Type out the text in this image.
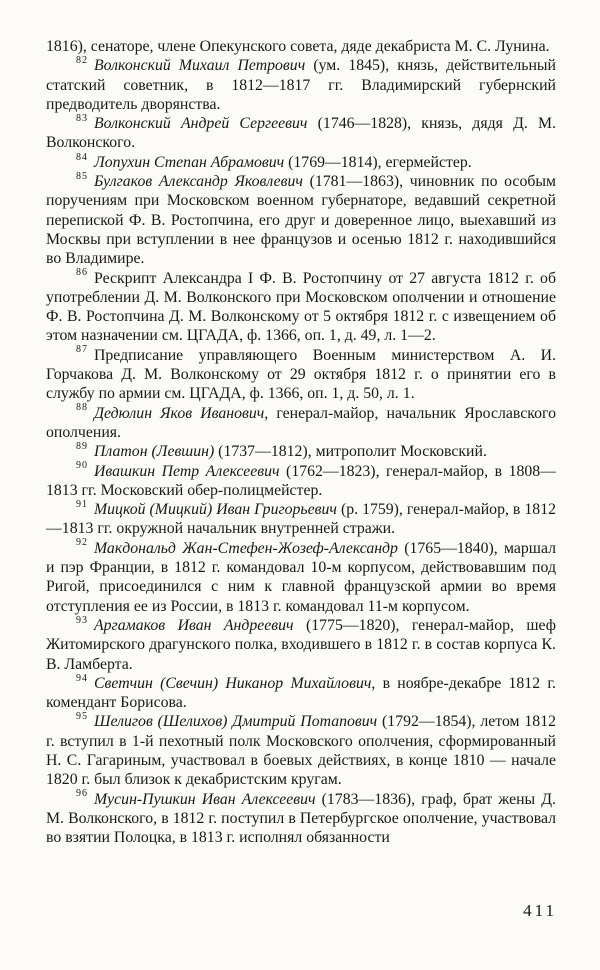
1816), сенаторе, члене Опекунского совета, дяде декабриста М. С. Лунина.

$^{82}$ Волконский Михаил Петрович (ум. 1845), князь, действительный статский советник, в 1812—1817 гг. Владимирский губернский предводитель дворянства.

$^{83}$ Волконский Андрей Сергеевич (1746—1828), князь, дядя Д. М. Волконского.

$^{84}$ Лопухин Степан Абрамович (1769—1814), егермейстер.

$^{85}$ Булгаков Александр Яковлевич (1781—1863), чиновник по особым поручениям при Московском военном губернаторе, ведавший секретной перепиской Ф. В. Ростопчина, его друг и доверенное лицо, выехавший из Москвы при вступлении в нее французов и осенью 1812 г. находившийся во Владимире.

$^{86}$ Рескрипт Александра I Ф. В. Ростопчину от 27 августа 1812 г. об употреблении Д. М. Волконского при Московском ополчении и отношение Ф. В. Ростопчина Д. М. Волконскому от 5 октября 1812 г. с извещением об этом назначении см. ЦГАДА, ф. 1366, оп. 1, д. 49, л. 1—2.

$^{87}$ Предписание управляющего Военным министерством А. И. Горчакова Д. М. Волконскому от 29 октября 1812 г. о принятии его в службу по армии см. ЦГАДА, ф. 1366, оп. 1, д. 50, л. 1.

$^{88}$ Дедюлин Яков Иванович, генерал-майор, начальник Ярославского ополчения.

$^{89}$ Платон (Левшин) (1737—1812), митрополит Московский.

$^{90}$ Ивашкин Петр Алексеевич (1762—1823), генерал-майор, в 1808—1813 гг. Московский обер-полицмейстер.

$^{91}$ Мицкой (Мицкий) Иван Григорьевич (р. 1759), генерал-майор, в 1812—1813 гг. окружной начальник внутренней стражи.

$^{92}$ Макдональд Жан-Стефен-Жозеф-Александр (1765—1840), маршал и пэр Франции, в 1812 г. командовал 10-м корпусом, действовавшим под Ригой, присоединился с ним к главной французской армии во время отступления ее из России, в 1813 г. командовал 11-м корпусом.

$^{93}$ Аргамаков Иван Андреевич (1775—1820), генерал-майор, шеф Житомирского драгунского полка, входившего в 1812 г. в состав корпуса К. В. Ламберта.

$^{94}$ Светчин (Свечин) Никанор Михайлович, в ноябре-декабре 1812 г. комендант Борисова.

$^{95}$ Шелигов (Шелихов) Дмитрий Потапович (1792—1854), летом 1812 г. вступил в 1-й пехотный полк Московского ополчения, сформированный Н. С. Гагариным, участвовал в боевых действиях, в конце 1810 — начале 1820 г. был близок к декабристским кругам.

$^{96}$ Мусин-Пушкин Иван Алексеевич (1783—1836), граф, брат жены Д. М. Волконского, в 1812 г. поступил в Петербургское ополчение, участвовал во взятии Полоцка, в 1813 г. исполнял обязанности

411
